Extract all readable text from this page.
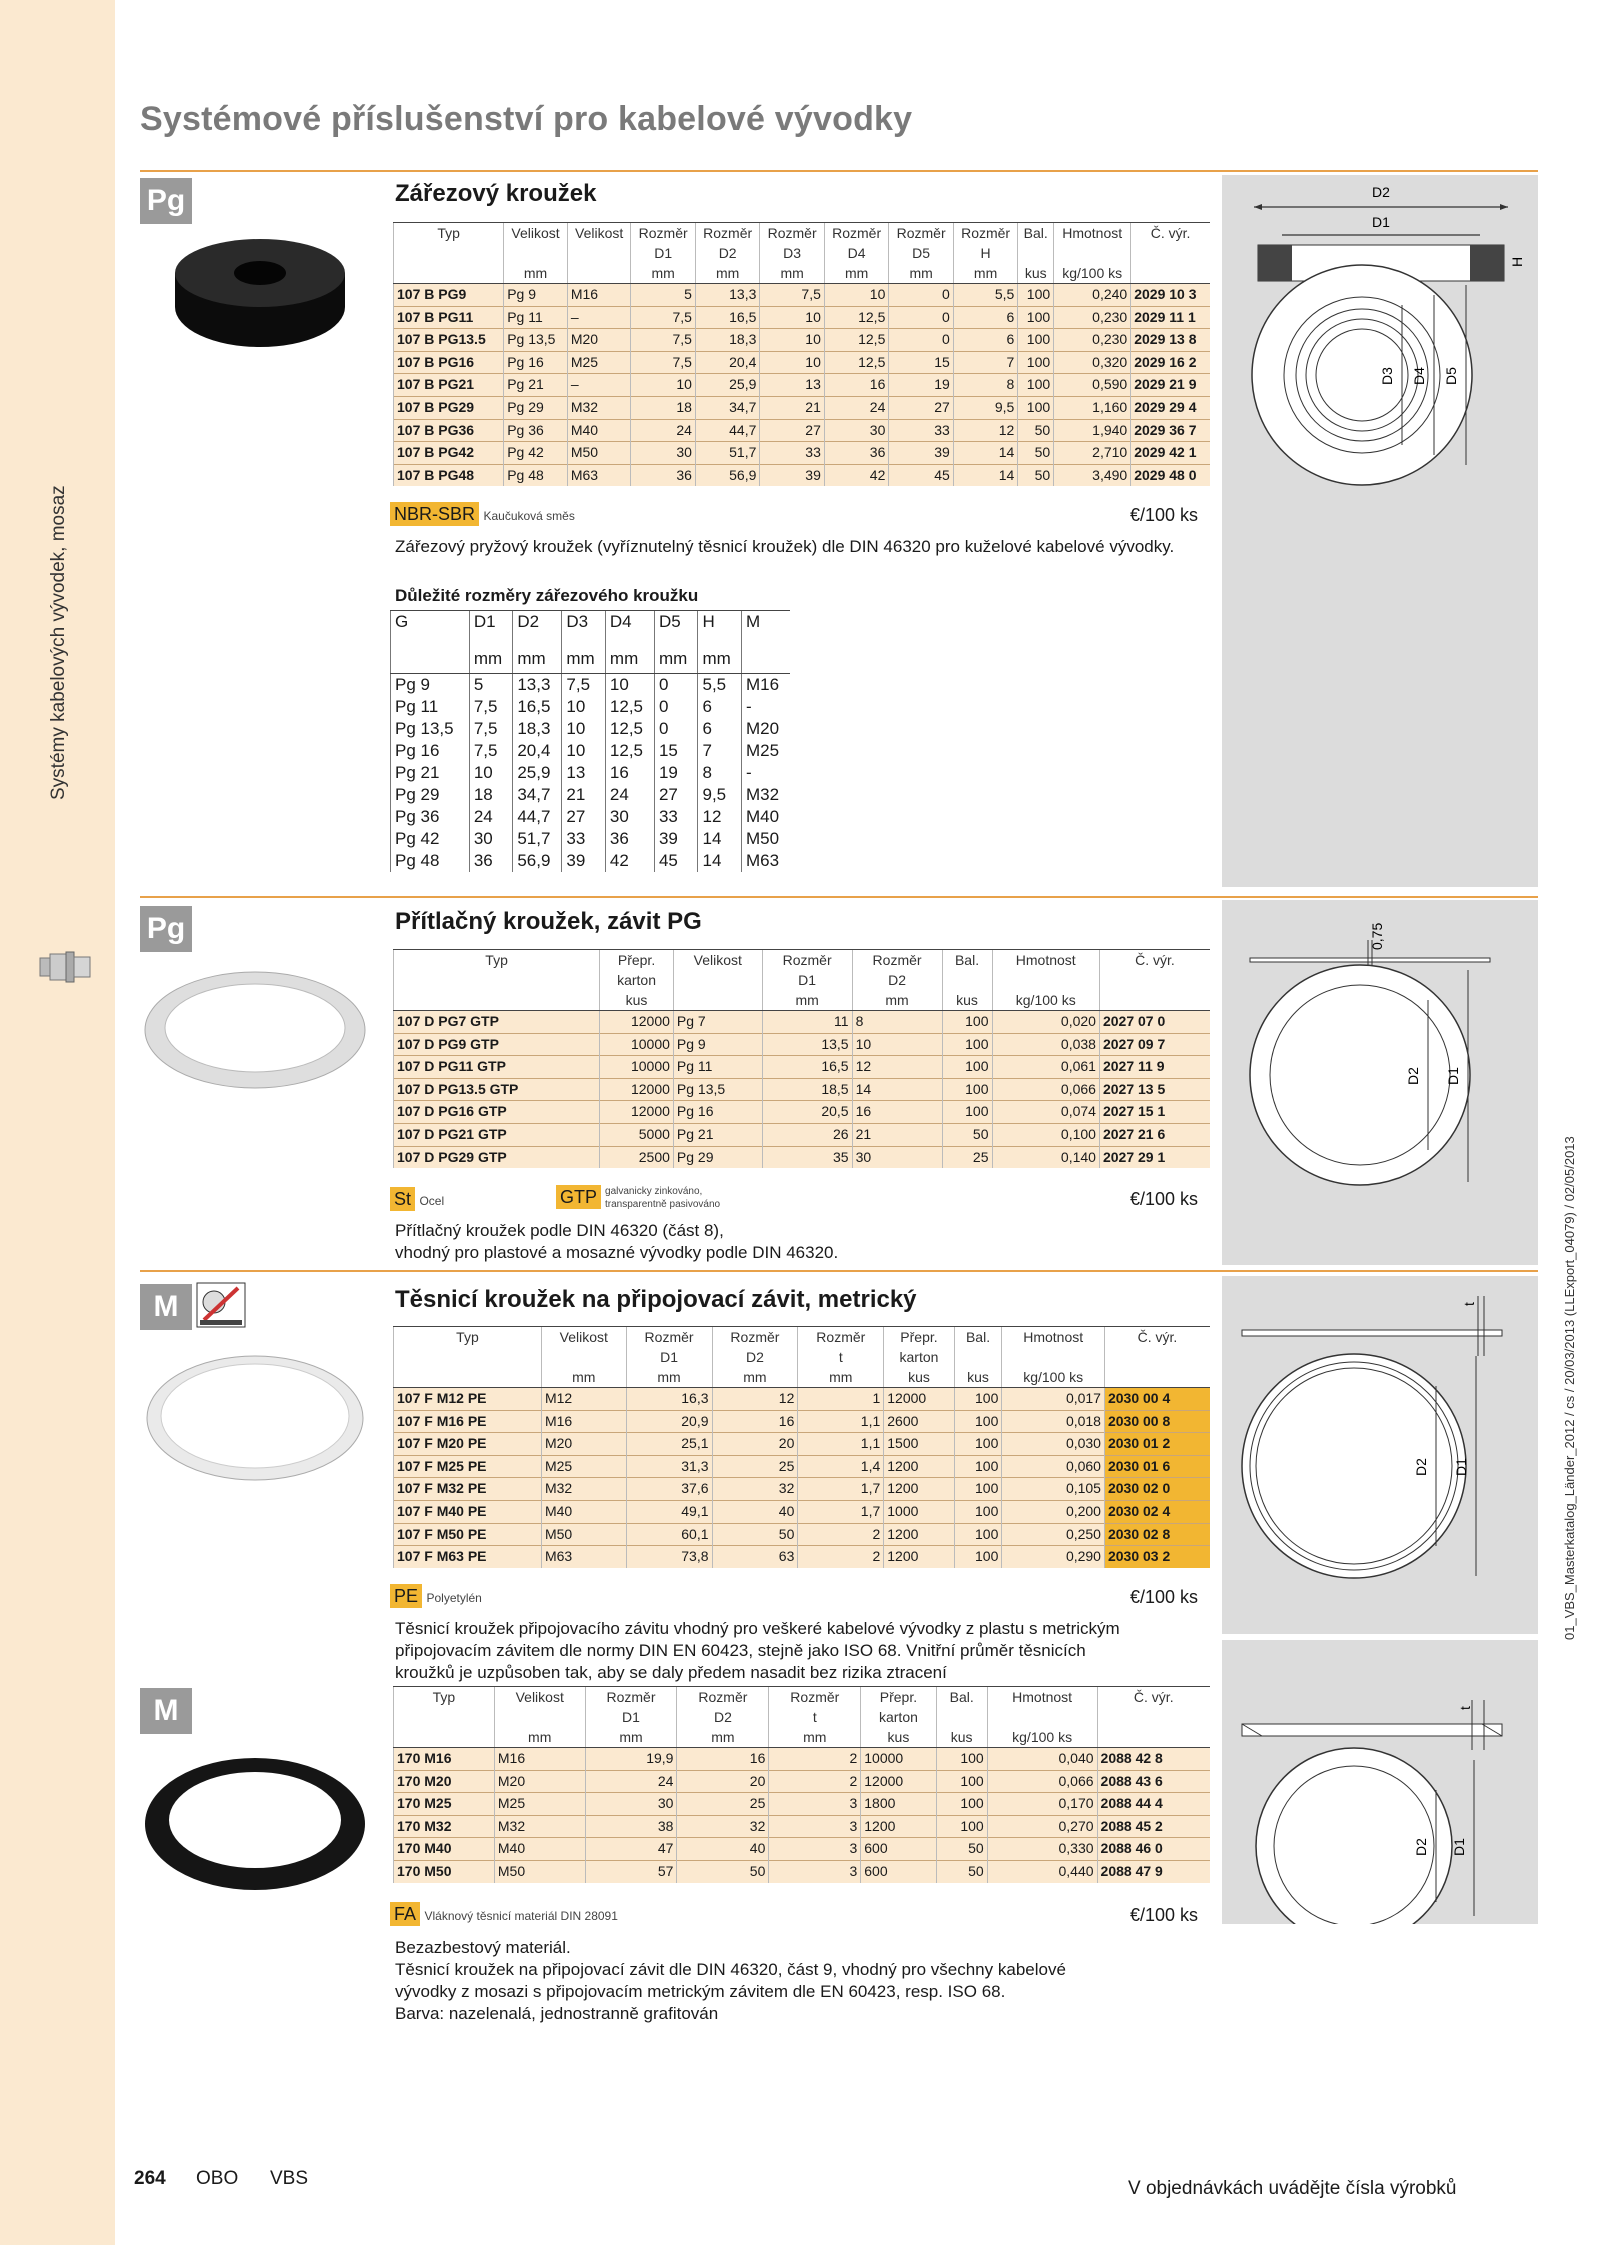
Systémy kabelových vývodek, mosaz
Systémové příslušenství pro kabelové vývodky
01_VBS_Masterkatalog_Länder_2012 / cs / 20/03/2013 (LLExport_04079) / 02/05/2013
Pg	Zářezový kroužek
Typ	Velikost	Velikost	Rozměr	Rozměr	Rozměr	Rozměr	Rozměr	Rozměr	Bal.	Hmotnost	Č. výr.
			D1	D2	D3	D4	D5	H			
	mm		mm	mm	mm	mm	mm	mm	kus	kg/100 ks	
107 B PG9	Pg 9	M16	5	13,3	7,5	10	0	5,5	100	0,240	2029 10 3
107 B PG11	Pg 11	–	7,5	16,5	10	12,5	0	6	100	0,230	2029 11 1
107 B PG13.5	Pg 13,5	M20	7,5	18,3	10	12,5	0	6	100	0,230	2029 13 8
107 B PG16	Pg 16	M25	7,5	20,4	10	12,5	15	7	100	0,320	2029 16 2
107 B PG21	Pg 21	–	10	25,9	13	16	19	8	100	0,590	2029 21 9
107 B PG29	Pg 29	M32	18	34,7	21	24	27	9,5	100	1,160	2029 29 4
107 B PG36	Pg 36	M40	24	44,7	27	30	33	12	50	1,940	2029 36 7
107 B PG42	Pg 42	M50	30	51,7	33	36	39	14	50	2,710	2029 42 1
107 B PG48	Pg 48	M63	36	56,9	39	42	45	14	50	3,490	2029 48 0
NBR-SBR Kaučuková směs	€/100 ks
Zářezový pryžový kroužek (vyříznutelný těsnicí kroužek) dle DIN 46320 pro kuželové kabelové vývodky.
Důležité rozměry zářezového kroužku
G	D1	D2	D3	D4	D5	H	M
	mm	mm	mm	mm	mm	mm	
Pg 9	5	13,3	7,5	10	0	5,5	M16
Pg 11	7,5	16,5	10	12,5	0	6	-
Pg 13,5	7,5	18,3	10	12,5	0	6	M20
Pg 16	7,5	20,4	10	12,5	15	7	M25
Pg 21	10	25,9	13	16	19	8	-
Pg 29	18	34,7	21	24	27	9,5	M32
Pg 36	24	44,7	27	30	33	12	M40
Pg 42	30	51,7	33	36	39	14	M50
Pg 48	36	56,9	39	42	45	14	M63
D2
D1
H
D3 D4 D5
Pg	Přítlačný kroužek, závit PG
Typ	Přepr.	Velikost	Rozměr	Rozměr	Bal.	Hmotnost	Č. výr.
	karton		D1	D2			
	kus		mm	mm	kus	kg/100 ks	
107 D PG7 GTP	12000	Pg 7	11	8	100	0,020	2027 07 0
107 D PG9 GTP	10000	Pg 9	13,5	10	100	0,038	2027 09 7
107 D PG11 GTP	10000	Pg 11	16,5	12	100	0,061	2027 11 9
107 D PG13.5 GTP	12000	Pg 13,5	18,5	14	100	0,066	2027 13 5
107 D PG16 GTP	12000	Pg 16	20,5	16	100	0,074	2027 15 1
107 D PG21 GTP	5000	Pg 21	26	21	50	0,100	2027 21 6
107 D PG29 GTP	2500	Pg 29	35	30	25	0,140	2027 29 1
St Ocel	GTP galvanicky zinkováno,
transparentně pasivováno	€/100 ks
Přítlačný kroužek podle DIN 46320 (část 8),
vhodný pro plastové a mosazné vývodky podle DIN 46320.
0,75
D2 D1
M	Těsnicí kroužek na připojovací závit, metrický
Typ	Velikost	Rozměr	Rozměr	Rozměr	Přepr.	Bal.	Hmotnost	Č. výr.
		D1	D2	t	karton			
	mm	mm	mm	mm	kus	kus	kg/100 ks	
107 F M12 PE	M12	16,3	12	1	12000	100	0,017	2030 00 4
107 F M16 PE	M16	20,9	16	1,1	2600	100	0,018	2030 00 8
107 F M20 PE	M20	25,1	20	1,1	1500	100	0,030	2030 01 2
107 F M25 PE	M25	31,3	25	1,4	1200	100	0,060	2030 01 6
107 F M32 PE	M32	37,6	32	1,7	1200	100	0,105	2030 02 0
107 F M40 PE	M40	49,1	40	1,7	1000	100	0,200	2030 02 4
107 F M50 PE	M50	60,1	50	2	1200	100	0,250	2030 02 8
107 F M63 PE	M63	73,8	63	2	1200	100	0,290	2030 03 2
PE Polyetylén	€/100 ks
Těsnicí kroužek připojovacího závitu vhodný pro veškeré kabelové vývodky z plastu s metrickým
připojovacím závitem dle normy DIN EN 60423, stejně jako ISO 68. Vnitřní průměr těsnicích
kroužků je uzpůsoben tak, aby se daly předem nasadit bez rizika ztracení
t
D2 D1
M	Typ	Velikost	Rozměr	Rozměr	Rozměr	Přepr.	Bal.	Hmotnost	Č. výr.
		D1	D2	t	karton			
	mm	mm	mm	mm	kus	kus	kg/100 ks	
170 M16	M16	19,9	16	2	10000	100	0,040	2088 42 8
170 M20	M20	24	20	2	12000	100	0,066	2088 43 6
170 M25	M25	30	25	3	1800	100	0,170	2088 44 4
170 M32	M32	38	32	3	1200	100	0,270	2088 45 2
170 M40	M40	47	40	3	600	50	0,330	2088 46 0
170 M50	M50	57	50	3	600	50	0,440	2088 47 9
FA Vláknový těsnicí materiál DIN 28091	€/100 ks
Bezazbestový materiál.
Těsnicí kroužek na připojovací závit dle DIN 46320, část 9, vhodný pro všechny kabelové
vývodky z mosazi s připojovacím metrickým závitem dle EN 60423, resp. ISO 68.
Barva: nazelenalá, jednostranně grafitován
t
D2 D1
264 OBO VBS	V objednávkách uvádějte čísla výrobků
